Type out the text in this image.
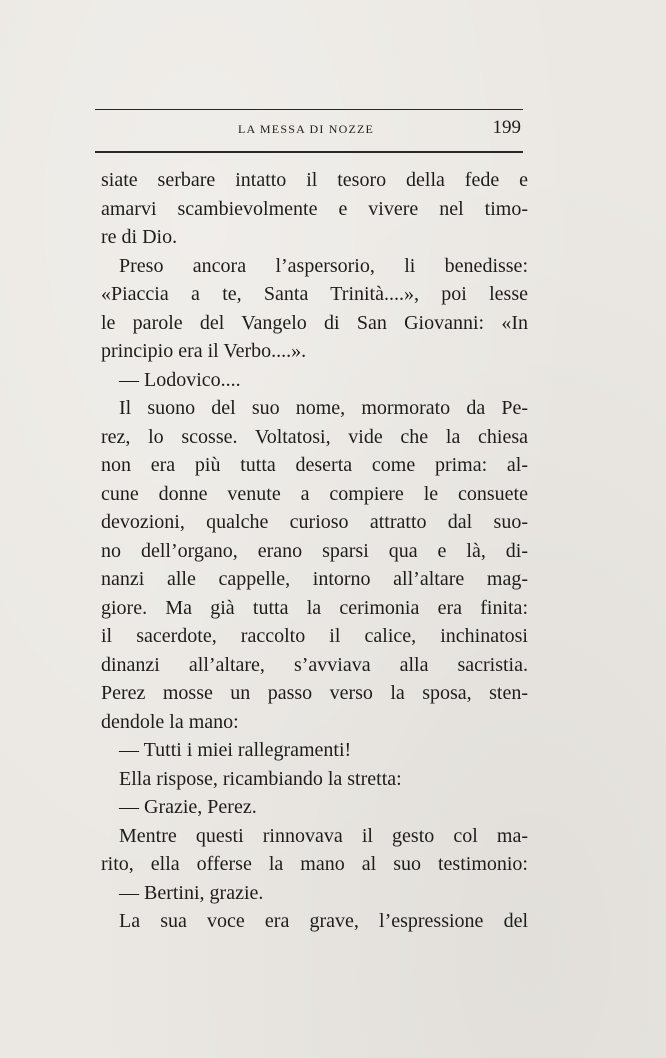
LA MESSA DI NOZZE	199
siate serbare intatto il tesoro della fede e
amarvi scambievolmente e vivere nel timo-
re di Dio.
Preso ancora l’aspersorio, li benedisse:
«Piaccia a te, Santa Trinità....», poi lesse
le parole del Vangelo di San Giovanni: «In
principio era il Verbo....».
— Lodovico....
Il suono del suo nome, mormorato da Pe-
rez, lo scosse. Voltatosi, vide che la chiesa
non era più tutta deserta come prima: al-
cune donne venute a compiere le consuete
devozioni, qualche curioso attratto dal suo-
no dell’organo, erano sparsi qua e là, di-
nanzi alle cappelle, intorno all’altare mag-
giore. Ma già tutta la cerimonia era finita:
il sacerdote, raccolto il calice, inchinatosi
dinanzi all’altare, s’avviava alla sacristia.
Perez mosse un passo verso la sposa, sten-
dendole la mano:
— Tutti i miei rallegramenti!
Ella rispose, ricambiando la stretta:
— Grazie, Perez.
Mentre questi rinnovava il gesto col ma-
rito, ella offerse la mano al suo testimonio:
— Bertini, grazie.
La sua voce era grave, l’espressione del
